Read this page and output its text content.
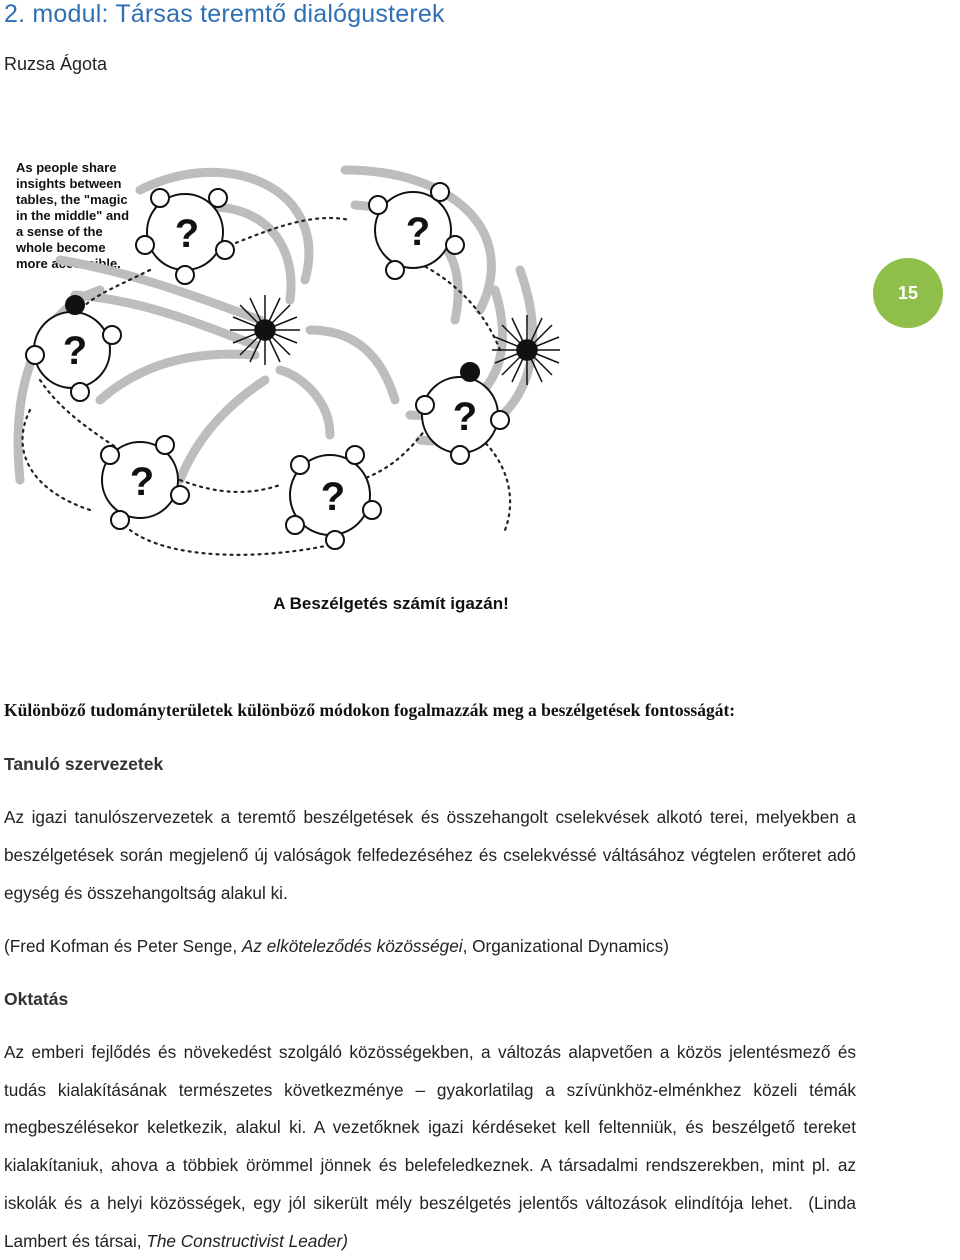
2. modul: Társas teremtő dialógusterek
Ruzsa Ágota
15
As people share insights between tables, the "magic in the middle" and a sense of the whole become more accessible.
?	?
?
?
?	?
A Beszélgetés számít igazán!
Különböző tudományterületek különböző módokon fogalmazzák meg a beszélgetések fontosságát:
Tanuló szervezetek

Az igazi tanulószervezetek a teremtő beszélgetések és összehangolt cselekvések alkotó terei, melyekben a beszélgetések során megjelenő új valóságok felfedezéséhez és cselekvéssé váltásához végtelen erőteret adó egység és összehangoltság alakul ki.

(Fred Kofman és Peter Senge, Az elköteleződés közösségei, Organizational Dynamics)
Oktatás

Az emberi fejlődés és növekedést szolgáló közösségekben, a változás alapvetően a közös jelentésmező és tudás kialakításának természetes következménye – gyakorlatilag a szívünkhöz-elménkhez közeli témák megbeszélésekor keletkezik, alakul ki. A vezetőknek igazi kérdéseket kell feltenniük, és beszélgető tereket kialakítaniuk, ahova a többiek örömmel jönnek és belefeledkeznek. A társadalmi rendszerekben, mint pl. az iskolák és a helyi közösségek, egy jól sikerült mély beszélgetés jelentős változások elindítója lehet. (Linda Lambert és társai, The Constructivist Leader)
